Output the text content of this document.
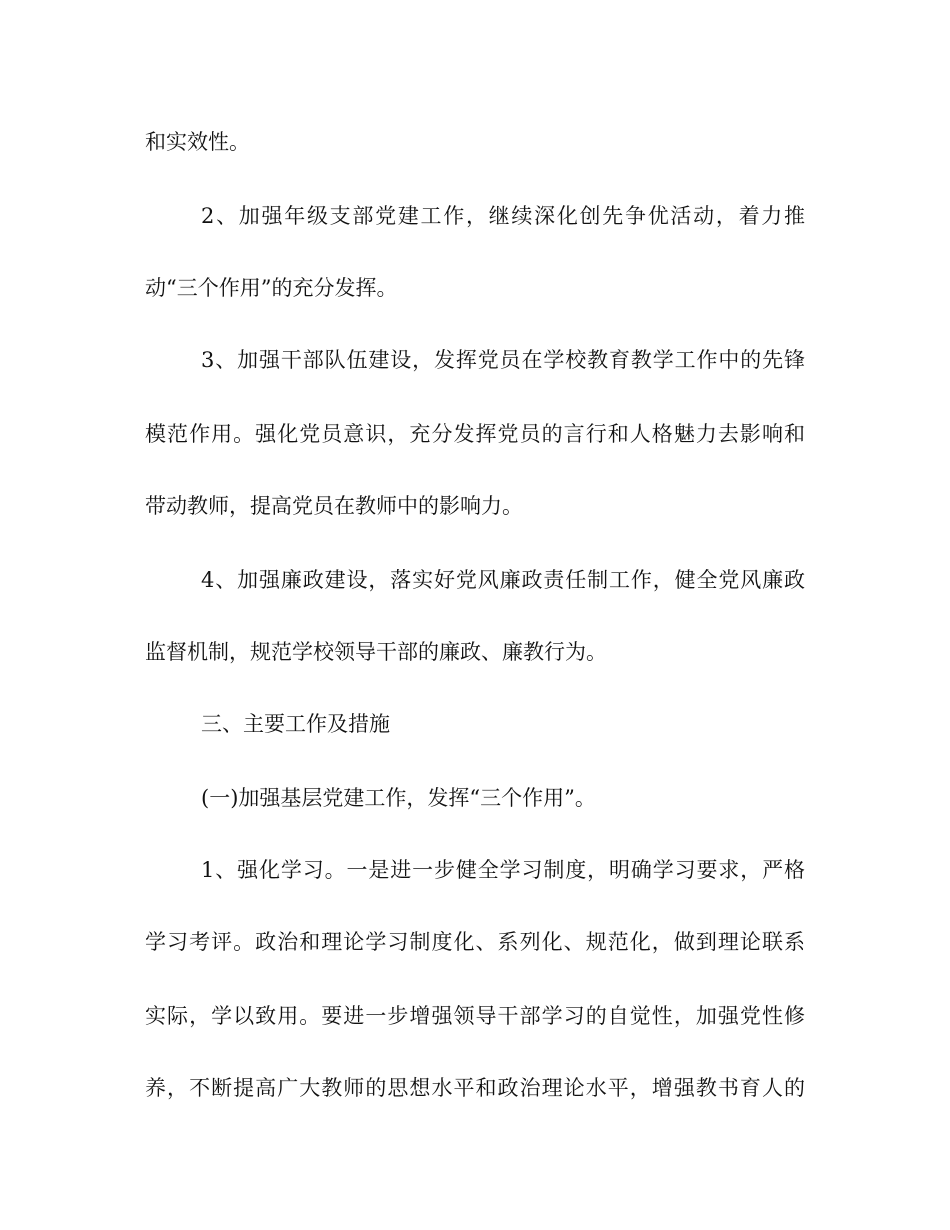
和实效性。

2、加强年级支部党建工作，继续深化创先争优活动，着力推

动“三个作用”的充分发挥。

3、加强干部队伍建设，发挥党员在学校教育教学工作中的先锋

模范作用。强化党员意识，充分发挥党员的言行和人格魅力去影响和

带动教师，提高党员在教师中的影响力。

4、加强廉政建设，落实好党风廉政责任制工作，健全党风廉政

监督机制，规范学校领导干部的廉政、廉教行为。

三、主要工作及措施

(一)加强基层党建工作，发挥“三个作用”。

1、强化学习。一是进一步健全学习制度，明确学习要求，严格

学习考评。政治和理论学习制度化、系列化、规范化，做到理论联系

实际，学以致用。要进一步增强领导干部学习的自觉性，加强党性修

养，不断提高广大教师的思想水平和政治理论水平，增强教书育人的
